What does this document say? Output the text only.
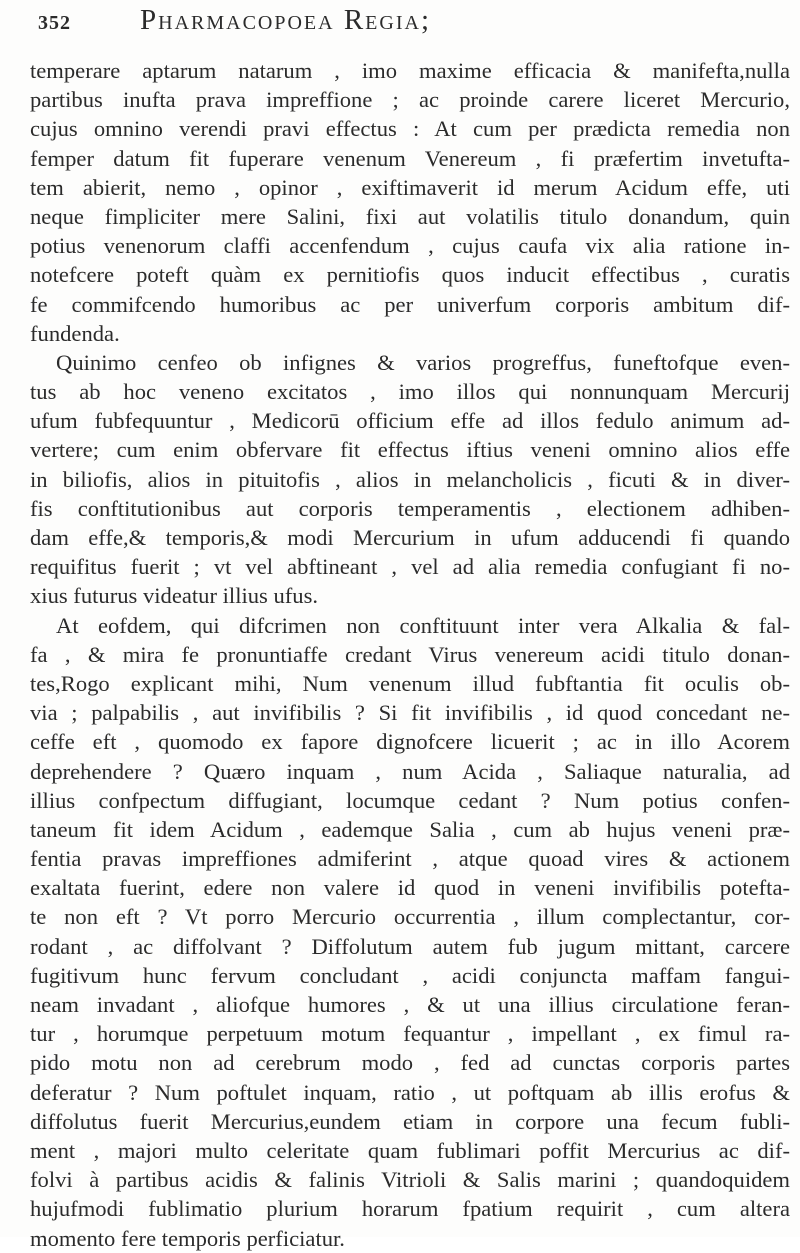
352 Pharmacopoea Regia;
temperare aptarum natarum , imo maxime efficacia & manifefta,nulla
partibus inufta prava impreffione ; ac proinde carere liceret Mercurio,
cujus omnino verendi pravi effectus : At cum per prædicta remedia non
femper datum fit fuperare venenum Venereum , fi præfertim invetufta-
tem abierit, nemo , opinor , exiftimaverit id merum Acidum effe, uti
neque fimpliciter mere Salini, fixi aut volatilis titulo donandum, quin
potius venenorum claffi accenfendum , cujus caufa vix alia ratione in-
notefcere poteft quàm ex pernitiofis quos inducit effectibus , curatis
fe commifcendo humoribus ac per univerfum corporis ambitum dif-
fundenda.
Quinimo cenfeo ob infignes & varios progreffus, funeftofque even-
tus ab hoc veneno excitatos , imo illos qui nonnunquam Mercurij
ufum fubfequuntur , Medicorū officium effe ad illos fedulo animum ad-
vertere; cum enim obfervare fit effectus iftius veneni omnino alios effe
in biliofis, alios in pituitofis , alios in melancholicis , ficuti & in diver-
fis conftitutionibus aut corporis temperamentis , electionem adhiben-
dam effe,& temporis,& modi Mercurium in ufum adducendi fi quando
requifitus fuerit ; vt vel abftineant , vel ad alia remedia confugiant fi no-
xius futurus videatur illius ufus.
At eofdem, qui difcrimen non conftituunt inter vera Alkalia & fal-
fa , & mira fe pronuntiaffe credant Virus venereum acidi titulo donan-
tes,Rogo explicant mihi, Num venenum illud fubftantia fit oculis ob-
via ; palpabilis , aut invifibilis ? Si fit invifibilis , id quod concedant ne-
ceffe eft , quomodo ex fapore dignofcere licuerit ; ac in illo Acorem
deprehendere ? Quæro inquam , num Acida , Saliaque naturalia, ad
illius confpectum diffugiant, locumque cedant ? Num potius confen-
taneum fit idem Acidum , eademque Salia , cum ab hujus veneni præ-
fentia pravas impreffiones admiferint , atque quoad vires & actionem
exaltata fuerint, edere non valere id quod in veneni invifibilis potefta-
te non eft ? Vt porro Mercurio occurrentia , illum complectantur, cor-
rodant , ac diffolvant ? Diffolutum autem fub jugum mittant, carcere
fugitivum hunc fervum concludant , acidi conjuncta maffam fangui-
neam invadant , aliofque humores , & ut una illius circulatione feran-
tur , horumque perpetuum motum fequantur , impellant , ex fimul ra-
pido motu non ad cerebrum modo , fed ad cunctas corporis partes
deferatur ? Num poftulet inquam, ratio , ut poftquam ab illis erofus &
diffolutus fuerit Mercurius,eundem etiam in corpore una fecum fubli-
ment , majori multo celeritate quam fublimari poffit Mercurius ac dif-
folvi à partibus acidis & falinis Vitrioli & Salis marini ; quandoquidem
hujufmodi fublimatio plurium horarum fpatium requirit , cum altera
momento fere temporis perficiatur.
